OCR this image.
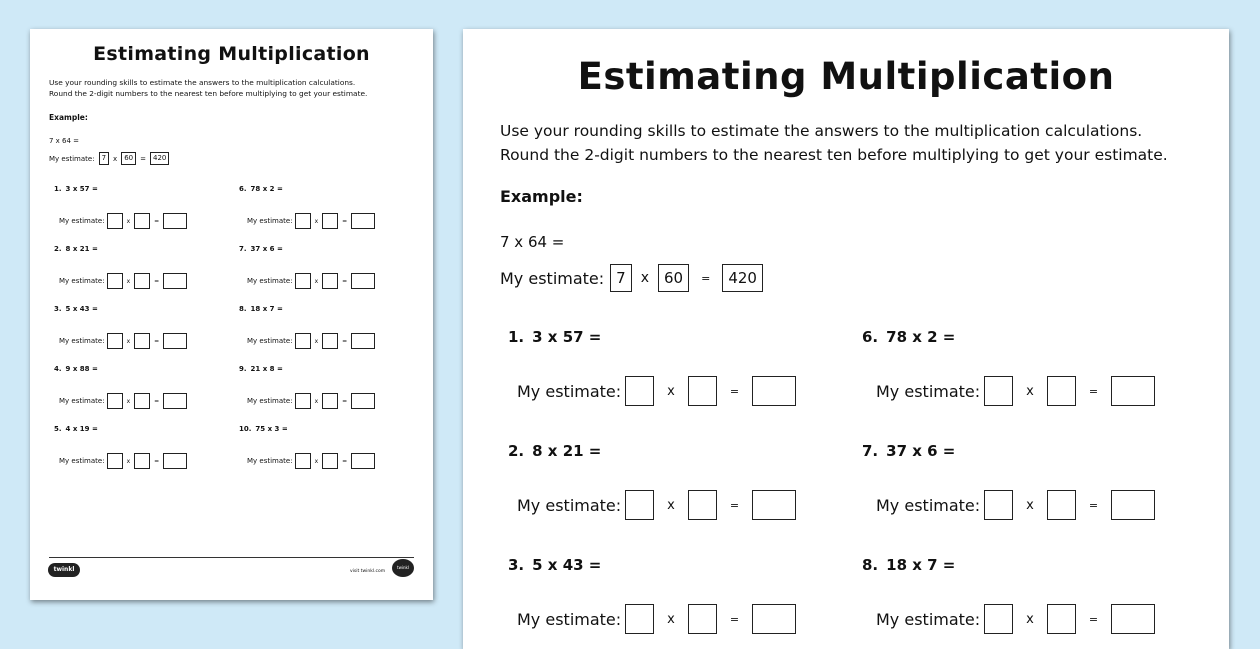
Estimating Multiplication
Use your rounding skills to estimate the answers to the multiplication calculations.
Round the 2-digit numbers to the nearest ten before multiplying to get your estimate.
Example:
7 x 64 =
My estimate:	7	x	60	=	420
1. 3 x 57 =
My estimate:	x	=
2. 8 x 21 =
My estimate:	x	=
3. 5 x 43 =
My estimate:	x	=
4. 9 x 88 =
My estimate:	x	=
5. 4 x 19 =
My estimate:	x	=
6. 78 x 2 =
My estimate:	x	=
7. 37 x 6 =
My estimate:	x	=
8. 18 x 7 =
My estimate:	x	=
9. 21 x 8 =
My estimate:	x	=
10. 75 x 3 =
My estimate:	x	=
twinkl	visit twinkl.com
twinkl
Estimating Multiplication
Use your rounding skills to estimate the answers to the multiplication calculations.
Round the 2-digit numbers to the nearest ten before multiplying to get your estimate.
Example:
7 x 64 =
My estimate: 7	x	60	=	420
1. 3 x 57 =
My estimate:	x	=
6. 78 x 2 =
My estimate:	x	=
2. 8 x 21 =
My estimate:	x	=
7. 37 x 6 =
My estimate:	x	=
3. 5 x 43 =
My estimate:	x	=
8. 18 x 7 =
My estimate:	x	=
